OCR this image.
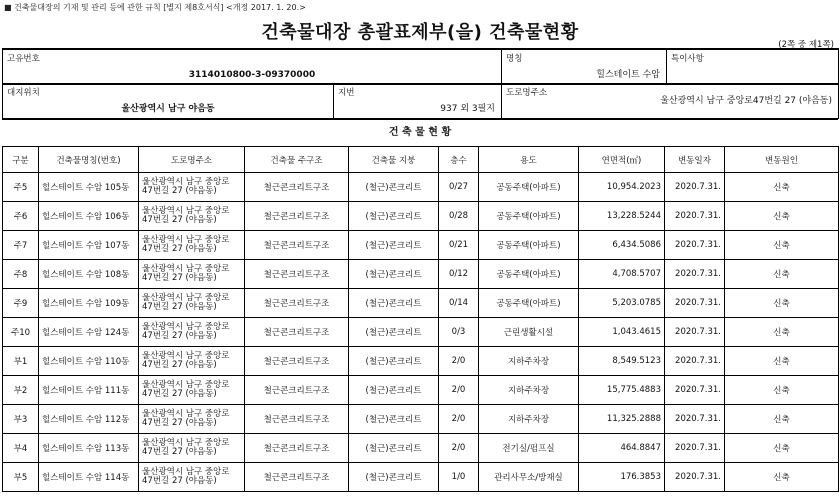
■ 건축물대장의 기재 및 관리 등에 관한 규칙 [별지 제8호서식] <개정 2017. 1. 20.>
건축물대장 총괄표제부(을) 건축물현황
(2쪽 중 제1쪽)
고유번호
3114010800-3-09370000

명칭
힐스테이트 수암

특이사항
대지위치
울산광역시 남구 야음동

지번
937 외 3필지
	도로명주소
울산광역시 남구 중앙로47번길 27 (야음동)
건 축 물 현 황
구분	건축물명칭(번호)	도로명주소	건축물 주구조	건축물 지붕	층수	용도	연면적(㎡)	변동일자	변동원인
주5	힐스테이트 수암 105동	울산광역시 남구 중앙로 47번길 27 (야음동)	철근콘크리트구조	(철근)콘크리트	0/27	공동주택(아파트)	10,954.2023	2020.7.31.	신축
주6	힐스테이트 수암 106동	울산광역시 남구 중앙로 47번길 27 (야음동)	철근콘크리트구조	(철근)콘크리트	0/28	공동주택(아파트)	13,228.5244	2020.7.31.	신축
주7	힐스테이트 수암 107동	울산광역시 남구 중앙로 47번길 27 (야음동)	철근콘크리트구조	(철근)콘크리트	0/21	공동주택(아파트)	6,434.5086	2020.7.31.	신축
주8	힐스테이트 수암 108동	울산광역시 남구 중앙로 47번길 27 (야음동)	철근콘크리트구조	(철근)콘크리트	0/12	공동주택(아파트)	4,708.5707	2020.7.31.	신축
주9	힐스테이트 수암 109동	울산광역시 남구 중앙로 47번길 27 (야음동)	철근콘크리트구조	(철근)콘크리트	0/14	공동주택(아파트)	5,203.0785	2020.7.31.	신축
주10	힐스테이트 수암 124동	울산광역시 남구 중앙로 47번길 27 (야음동)	철근콘크리트구조	(철근)콘크리트	0/3	근린생활시설	1,043.4615	2020.7.31.	신축
부1	힐스테이트 수암 110동	울산광역시 남구 중앙로 47번길 27 (야음동)	철근콘크리트구조	(철근)콘크리트	2/0	지하주차장	8,549.5123	2020.7.31.	신축
부2	힐스테이트 수암 111동	울산광역시 남구 중앙로 47번길 27 (야음동)	철근콘크리트구조	(철근)콘크리트	2/0	지하주차장	15,775.4883	2020.7.31.	신축
부3	힐스테이트 수암 112동	울산광역시 남구 중앙로 47번길 27 (야음동)	철근콘크리트구조	(철근)콘크리트	2/0	지하주차장	11,325.2888	2020.7.31.	신축
부4	힐스테이트 수암 113동	울산광역시 남구 중앙로 47번길 27 (야음동)	철근콘크리트구조	(철근)콘크리트	2/0	전기실/펌프실	464.8847	2020.7.31.	신축
부5	힐스테이트 수암 114동	울산광역시 남구 중앙로 47번길 27 (야음동)	철근콘크리트구조	(철근)콘크리트	1/0	관리사무소/방재실	176.3853	2020.7.31.	신축
